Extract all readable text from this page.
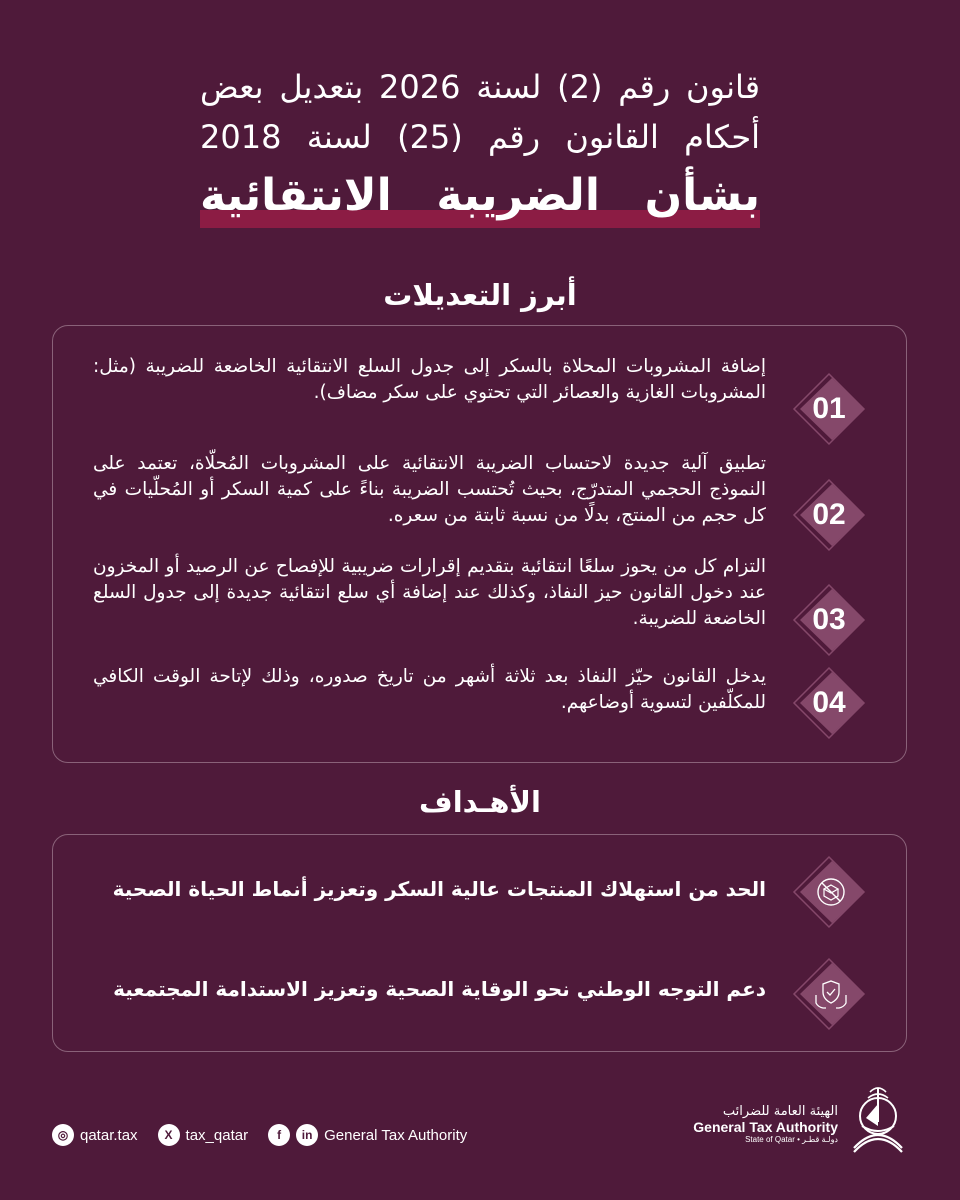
قانون رقم (2) لسنة 2026 بتعديل بعض
أحكام القانون رقم (25) لسنة 2018
بشأن الضريبة الانتقائية
أبرز التعديلات
01
إضافة المشروبات المحلاة بالسكر إلى جدول السلع الانتقائية الخاضعة للضريبة (مثل: المشروبات الغازية والعصائر التي تحتوي على سكر مضاف).
02
تطبيق آلية جديدة لاحتساب الضريبة الانتقائية على المشروبات المُحلّاة، تعتمد على النموذج الحجمي المتدرّج، بحيث تُحتسب الضريبة بناءً على كمية السكر أو المُحلّيات في كل حجم من المنتج، بدلًا من نسبة ثابتة من سعره.
03
التزام كل من يحوز سلعًا انتقائية بتقديم إقرارات ضريبية للإفصاح عن الرصيد أو المخزون عند دخول القانون حيز النفاذ، وكذلك عند إضافة أي سلع انتقائية جديدة إلى جدول السلع الخاضعة للضريبة.
04
يدخل القانون حيّز النفاذ بعد ثلاثة أشهر من تاريخ صدوره، وذلك لإتاحة الوقت الكافي للمكلّفين لتسوية أوضاعهم.
الأهـداف
الحد من استهلاك المنتجات عالية السكر وتعزيز أنماط الحياة الصحية
دعم التوجه الوطني نحو الوقاية الصحية وتعزيز الاستدامة المجتمعية
◎ qatar.tax	X tax_qatar	f	in General Tax Authority
الهيئة العامة للضرائب
General Tax Authority
State of Qatar • دولـة قطـر
